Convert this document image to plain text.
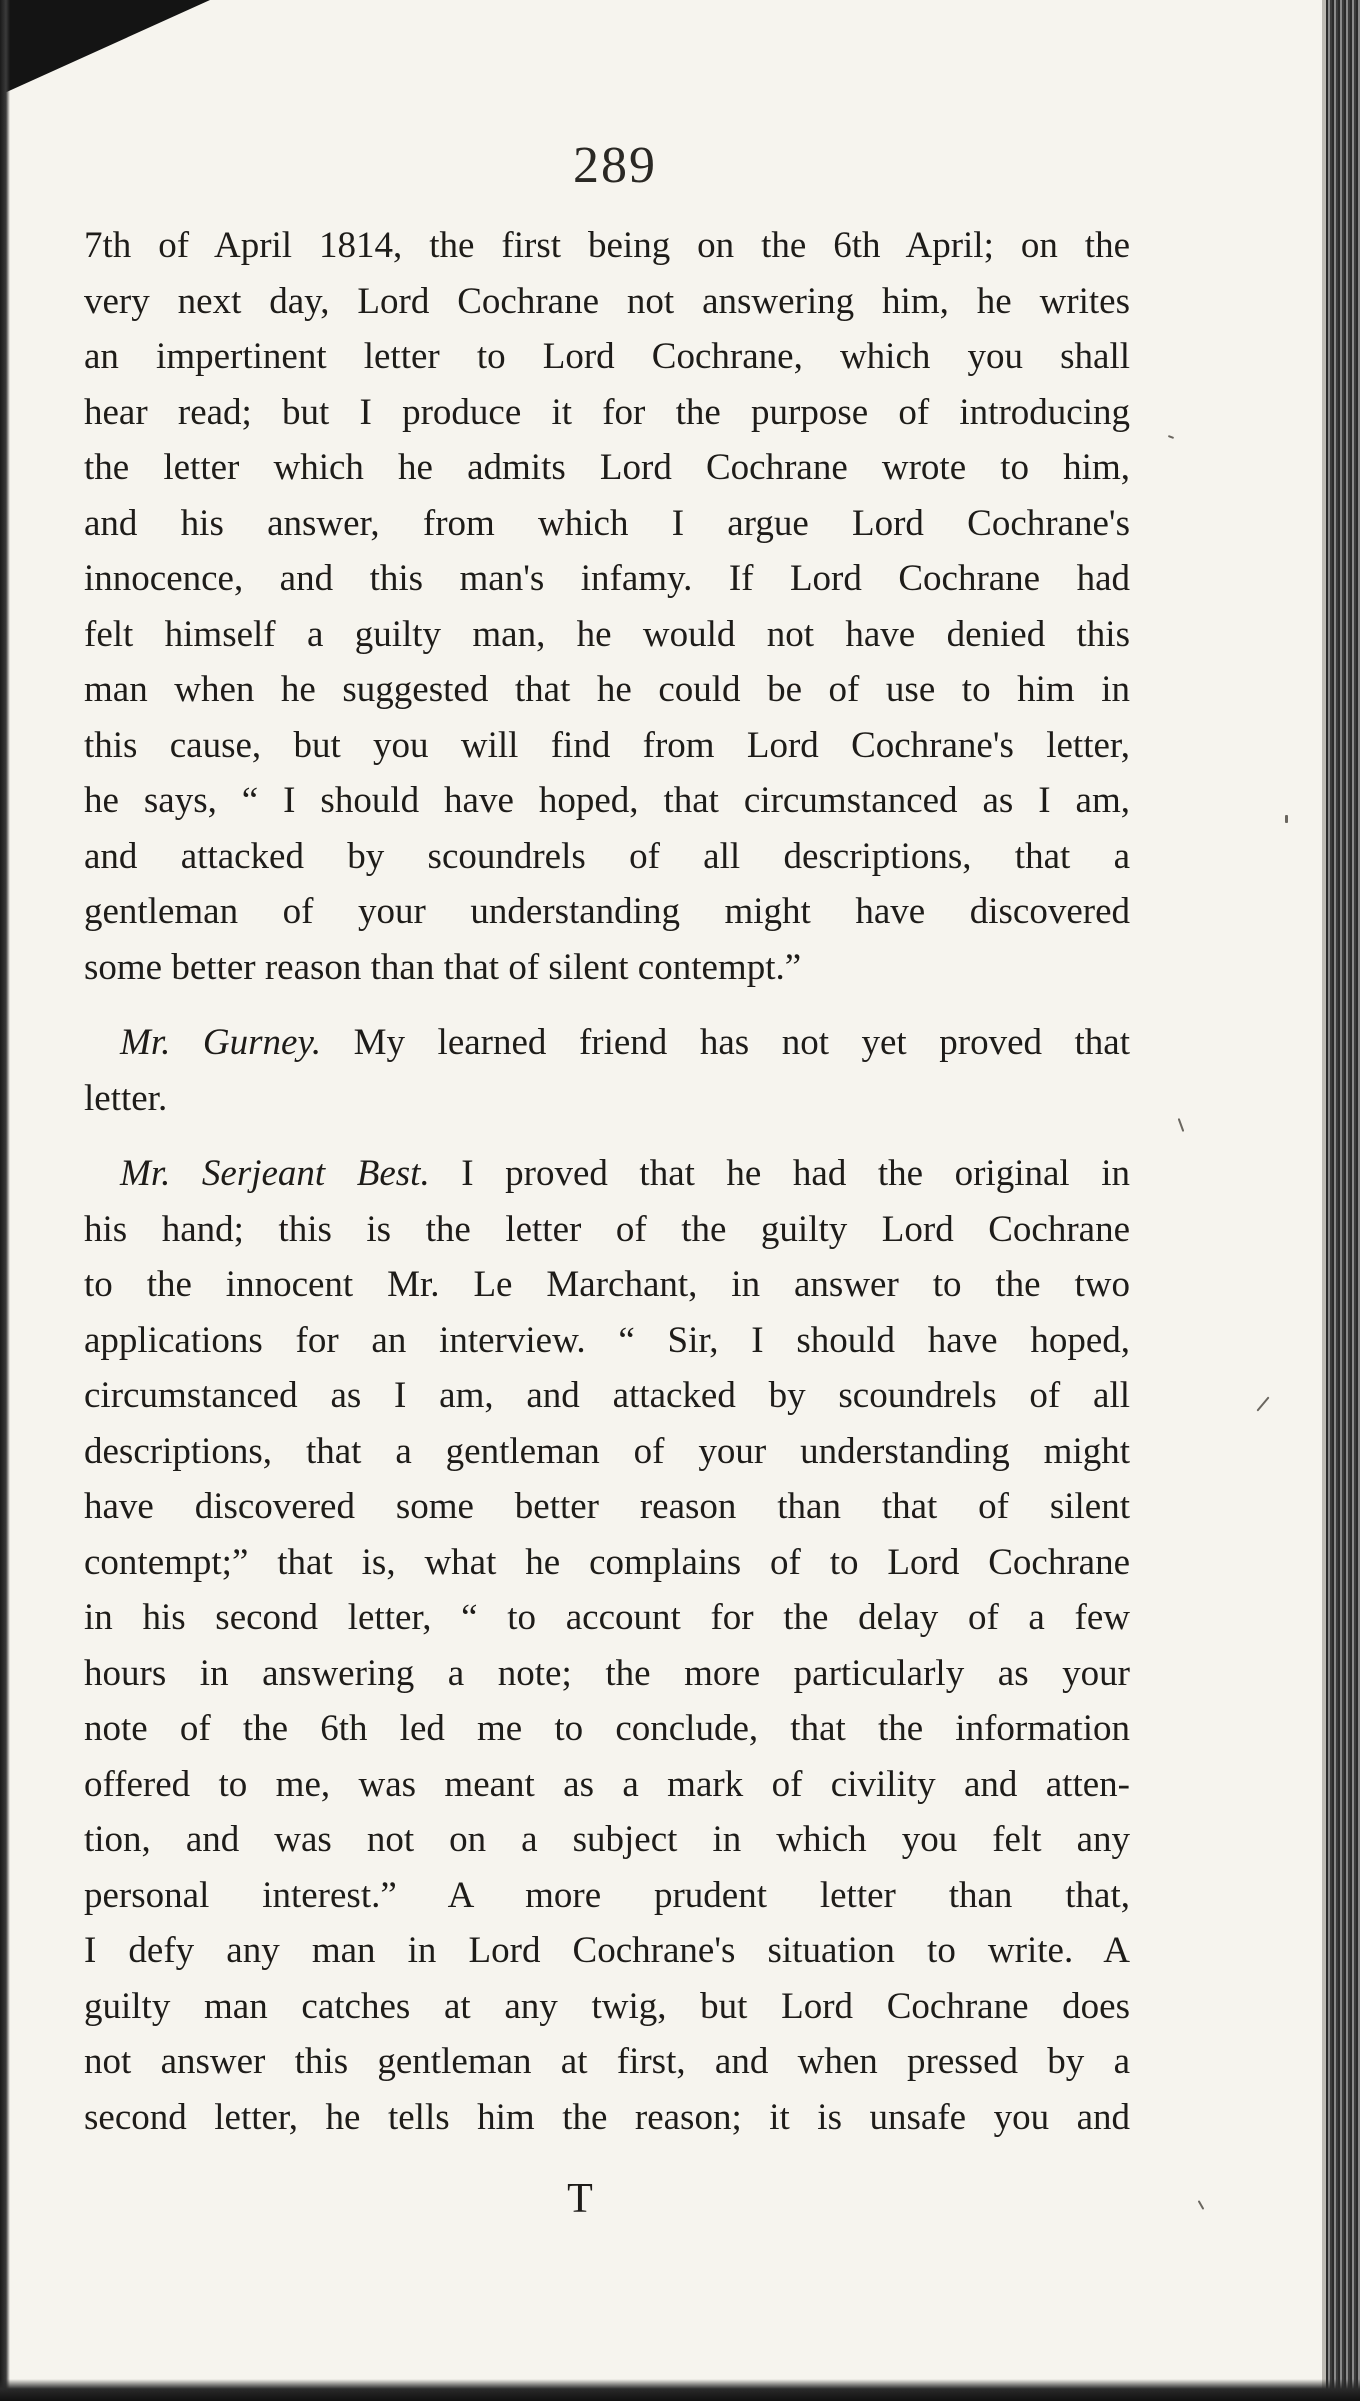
289
7th of April 1814, the first being on the 6th April; on the
very next day, Lord Cochrane not answering him, he writes
an impertinent letter to Lord Cochrane, which you shall
hear read; but I produce it for the purpose of introducing
the letter which he admits Lord Cochrane wrote to him,
and his answer, from which I argue Lord Cochrane's
innocence, and this man's infamy. If Lord Cochrane had
felt himself a guilty man, he would not have denied this
man when he suggested that he could be of use to him in
this cause, but you will find from Lord Cochrane's letter,
he says, “ I should have hoped, that circumstanced as I am,
and attacked by scoundrels of all descriptions, that a
gentleman of your understanding might have discovered
some better reason than that of silent contempt.”
Mr. Gurney. My learned friend has not yet proved that
letter.
Mr. Serjeant Best. I proved that he had the original in
his hand; this is the letter of the guilty Lord Cochrane
to the innocent Mr. Le Marchant, in answer to the two
applications for an interview. “ Sir, I should have hoped,
circumstanced as I am, and attacked by scoundrels of all
descriptions, that a gentleman of your understanding might
have discovered some better reason than that of silent
contempt;” that is, what he complains of to Lord Cochrane
in his second letter, “ to account for the delay of a few
hours in answering a note; the more particularly as your
note of the 6th led me to conclude, that the information
offered to me, was meant as a mark of civility and atten-
tion, and was not on a subject in which you felt any
personal interest.” A more prudent letter than that,
I defy any man in Lord Cochrane's situation to write. A
guilty man catches at any twig, but Lord Cochrane does
not answer this gentleman at first, and when pressed by a
second letter, he tells him the reason; it is unsafe you and
T
